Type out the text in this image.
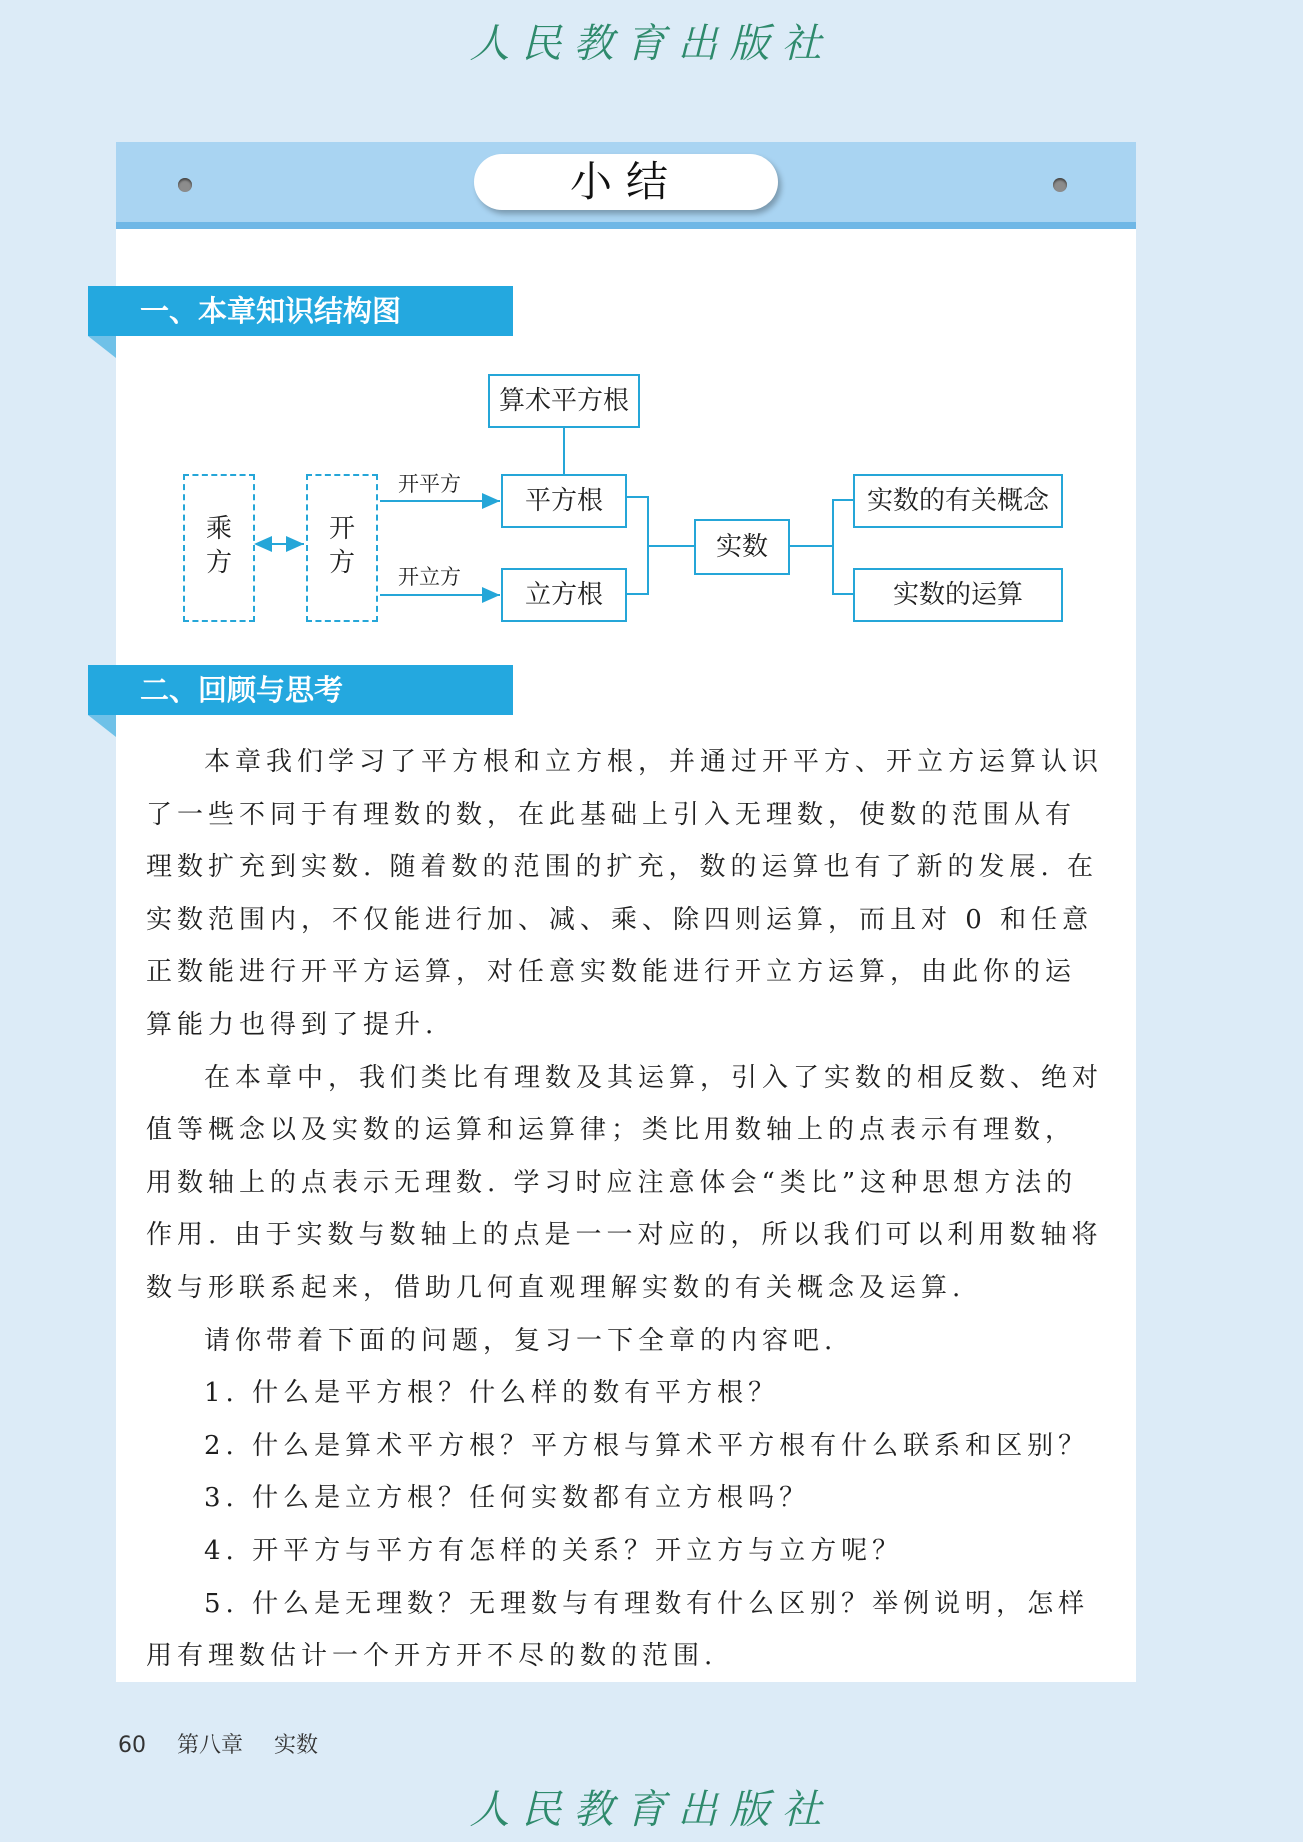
人民教育出版社
小结
一、本章知识结构图
算术平方根
平方根
立方根
实数
实数的有关概念
实数的运算
乘
方
开
方
开平方
开立方
二、回顾与思考

本章我们学习了平方根和立方根，并通过开平方、开立方运算认识了一些不同于有理数的数，在此基础上引入无理数，使数的范围从有理数扩充到实数. 随着数的范围的扩充，数的运算也有了新的发展. 在实数范围内，不仅能进行加、减、乘、除四则运算，而且对 0 和任意正数能进行开平方运算，对任意实数能进行开立方运算，由此你的运算能力也得到了提升.

在本章中，我们类比有理数及其运算，引入了实数的相反数、绝对值等概念以及实数的运算和运算律；类比用数轴上的点表示有理数，用数轴上的点表示无理数. 学习时应注意体会“类比”这种思想方法的作用. 由于实数与数轴上的点是一一对应的，所以我们可以利用数轴将数与形联系起来，借助几何直观理解实数的有关概念及运算.

请你带着下面的问题，复习一下全章的内容吧.

1. 什么是平方根？什么样的数有平方根？

2. 什么是算术平方根？平方根与算术平方根有什么联系和区别？

3. 什么是立方根？任何实数都有立方根吗？

4. 开平方与平方有怎样的关系？开立方与立方呢？

5. 什么是无理数？无理数与有理数有什么区别？举例说明，怎样用有理数估计一个开方开不尽的数的范围.

60 第八章 实数
人民教育出版社
